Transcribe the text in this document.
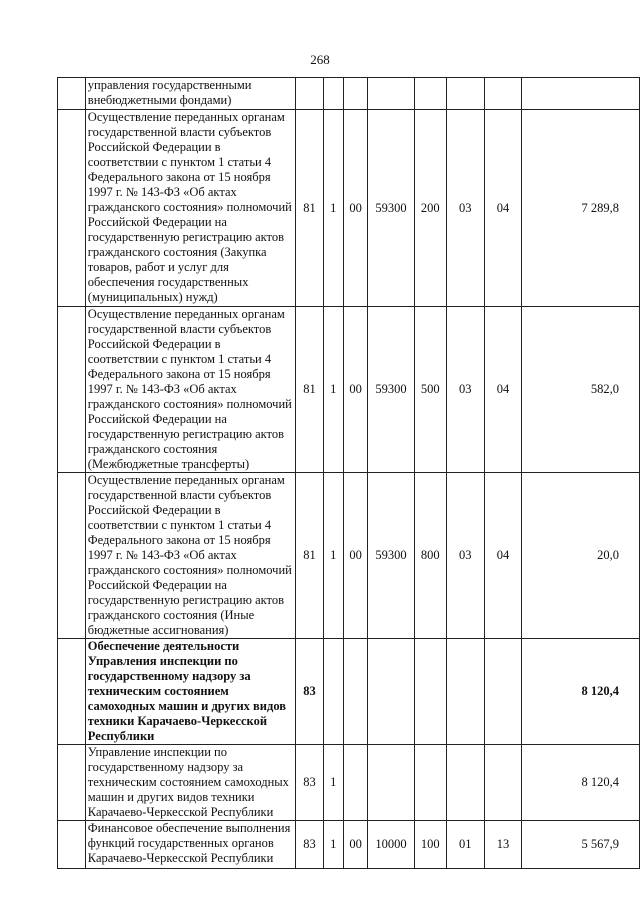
268
	управления государственными внебюджетными фондами)								
	Осуществление переданных органам государственной власти субъектов Российской Федерации в соответствии с пунктом 1 статьи 4 Федерального закона от 15 ноября 1997 г. № 143-ФЗ «Об актах гражданского состояния» полномочий Российской Федерации на государственную регистрацию актов гражданского состояния (Закупка товаров, работ и услуг для обеспечения государственных (муниципальных) нужд)	81	1	00	59300	200	03	04	7 289,8
	Осуществление переданных органам государственной власти субъектов Российской Федерации в соответствии с пунктом 1 статьи 4 Федерального закона от 15 ноября 1997 г. № 143-ФЗ «Об актах гражданского состояния» полномочий Российской Федерации на государственную регистрацию актов гражданского состояния (Межбюджетные трансферты)	81	1	00	59300	500	03	04	582,0
	Осуществление переданных органам государственной власти субъектов Российской Федерации в соответствии с пунктом 1 статьи 4 Федерального закона от 15 ноября 1997 г. № 143-ФЗ «Об актах гражданского состояния» полномочий Российской Федерации на государственную регистрацию актов гражданского состояния (Иные бюджетные ассигнования)	81	1	00	59300	800	03	04	20,0
	Обеспечение деятельности Управления инспекции по государственному надзору за техническим состоянием самоходных машин и других видов техники Карачаево-Черкесской Республики	83							8 120,4
	Управление инспекции по государственному надзору за техническим состоянием самоходных машин и других видов техники Карачаево-Черкесской Республики	83	1						8 120,4
	Финансовое обеспечение выполнения функций государственных органов Карачаево-Черкесской Республики	83	1	00	10000	100	01	13	5 567,9
